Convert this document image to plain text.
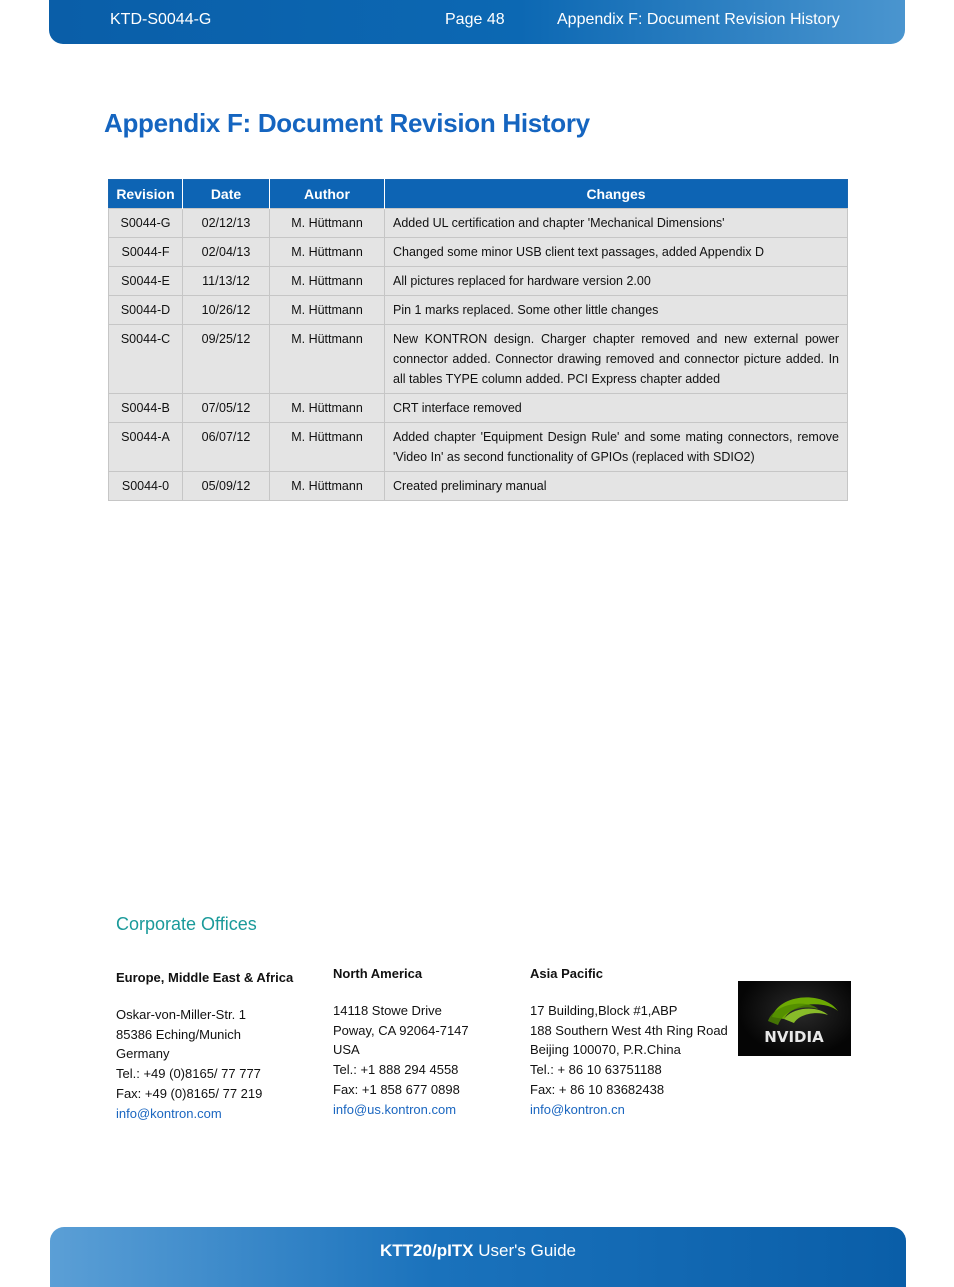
KTD-S0044-G	Page 48	Appendix F: Document Revision History
Appendix F: Document Revision History
Revision	Date	Author	Changes
S0044-G	02/12/13	M. Hüttmann	Added UL certification and chapter 'Mechanical Dimensions'
S0044-F	02/04/13	M. Hüttmann	Changed some minor USB client text passages, added Appendix D
S0044-E	11/13/12	M. Hüttmann	All pictures replaced for hardware version 2.00
S0044-D	10/26/12	M. Hüttmann	Pin 1 marks replaced. Some other little changes
S0044-C	09/25/12	M. Hüttmann	New KONTRON design. Charger chapter removed and new external power connector added. Connector drawing removed and connector picture added. In all tables TYPE column added. PCI Express chapter added
S0044-B	07/05/12	M. Hüttmann	CRT interface removed
S0044-A	06/07/12	M. Hüttmann	Added chapter 'Equipment Design Rule' and some mating connectors, remove 'Video In' as second functionality of GPIOs (replaced with SDIO2)
S0044-0	05/09/12	M. Hüttmann	Created preliminary manual
Corporate Offices
Europe, Middle East & Africa
Oskar-von-Miller-Str. 1
85386 Eching/Munich
Germany
Tel.: +49 (0)8165/ 77 777
Fax: +49 (0)8165/ 77 219
info@kontron.com
North America
14118 Stowe Drive
Poway, CA 92064-7147
USA
Tel.: +1 888 294 4558
Fax: +1 858 677 0898
info@us.kontron.com
Asia Pacific
17 Building,Block #1,ABP
188 Southern West 4th Ring Road
Beijing 100070, P.R.China
Tel.: + 86 10 63751188
Fax: + 86 10 83682438
info@kontron.cn
NVIDIA
KTT20/pITX User's Guide
